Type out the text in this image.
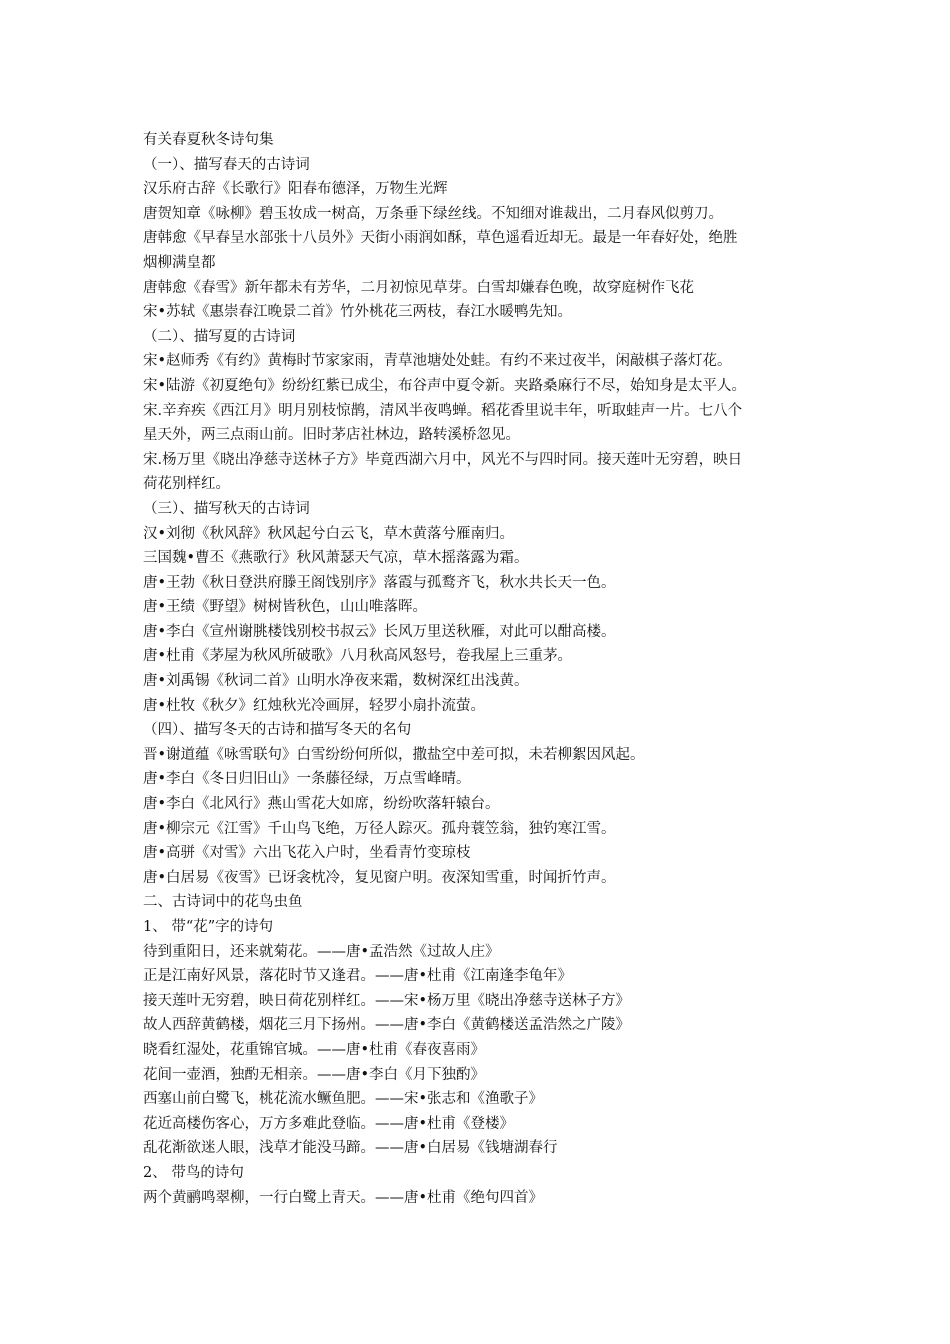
有关春夏秋冬诗句集
（一）、描写春天的古诗词
汉乐府古辞《长歌行》阳春布德泽，万物生光辉
唐贺知章《咏柳》碧玉妆成一树高，万条垂下绿丝线。不知细对谁裁出，二月春风似剪刀。
唐韩愈《早春呈水部张十八员外》天街小雨润如酥，草色遥看近却无。最是一年春好处，绝胜
烟柳满皇都
唐韩愈《春雪》新年都未有芳华，二月初惊见草芽。白雪却嫌春色晚，故穿庭树作飞花
宋•苏轼《惠崇春江晚景二首》竹外桃花三两枝，春江水暖鸭先知。
（二）、描写夏的古诗词
宋•赵师秀《有约》黄梅时节家家雨，青草池塘处处蛙。有约不来过夜半，闲敲棋子落灯花。
宋•陆游《初夏绝句》纷纷红紫已成尘，布谷声中夏令新。夹路桑麻行不尽，始知身是太平人。
宋.辛弃疾《西江月》明月别枝惊鹊，清风半夜鸣蝉。稻花香里说丰年，听取蛙声一片。七八个
星天外，两三点雨山前。旧时茅店社林边，路转溪桥忽见。
宋.杨万里《晓出净慈寺送林子方》毕竟西湖六月中，风光不与四时同。接天莲叶无穷碧，映日
荷花别样红。
（三）、描写秋天的古诗词
汉•刘彻《秋风辞》秋风起兮白云飞，草木黄落兮雁南归。
三国魏•曹丕《燕歌行》秋风萧瑟天气凉，草木摇落露为霜。
唐•王勃《秋日登洪府滕王阁饯别序》落霞与孤鹜齐飞，秋水共长天一色。
唐•王绩《野望》树树皆秋色，山山唯落晖。
唐•李白《宣州谢朓楼饯别校书叔云》长风万里送秋雁，对此可以酣高楼。
唐•杜甫《茅屋为秋风所破歌》八月秋高风怒号，卷我屋上三重茅。
唐•刘禹锡《秋词二首》山明水净夜来霜，数树深红出浅黄。
唐•杜牧《秋夕》红烛秋光冷画屏，轻罗小扇扑流萤。
（四）、描写冬天的古诗和描写冬天的名句
晋•谢道蕴《咏雪联句》白雪纷纷何所似，撒盐空中差可拟，未若柳絮因风起。
唐•李白《冬日归旧山》一条藤径绿，万点雪峰晴。
唐•李白《北风行》燕山雪花大如席，纷纷吹落轩辕台。
唐•柳宗元《江雪》千山鸟飞绝，万径人踪灭。孤舟蓑笠翁，独钓寒江雪。
唐•高骈《对雪》六出飞花入户时，坐看青竹变琼枝
唐•白居易《夜雪》已讶衾枕冷，复见窗户明。夜深知雪重，时闻折竹声。
二、古诗词中的花鸟虫鱼
1、 带“花”字的诗句
待到重阳日，还来就菊花。——唐•孟浩然《过故人庄》
正是江南好风景，落花时节又逢君。——唐•杜甫《江南逢李龟年》
接天莲叶无穷碧，映日荷花别样红。——宋•杨万里《晓出净慈寺送林子方》
故人西辞黄鹤楼，烟花三月下扬州。——唐•李白《黄鹤楼送孟浩然之广陵》
晓看红湿处，花重锦官城。——唐•杜甫《春夜喜雨》
花间一壶酒，独酌无相亲。——唐•李白《月下独酌》
西塞山前白鹭飞，桃花流水鳜鱼肥。——宋•张志和《渔歌子》
花近高楼伤客心，万方多难此登临。——唐•杜甫《登楼》
乱花渐欲迷人眼，浅草才能没马蹄。——唐•白居易《钱塘湖春行
2、 带鸟的诗句
两个黄鹂鸣翠柳，一行白鹭上青天。——唐•杜甫《绝句四首》
